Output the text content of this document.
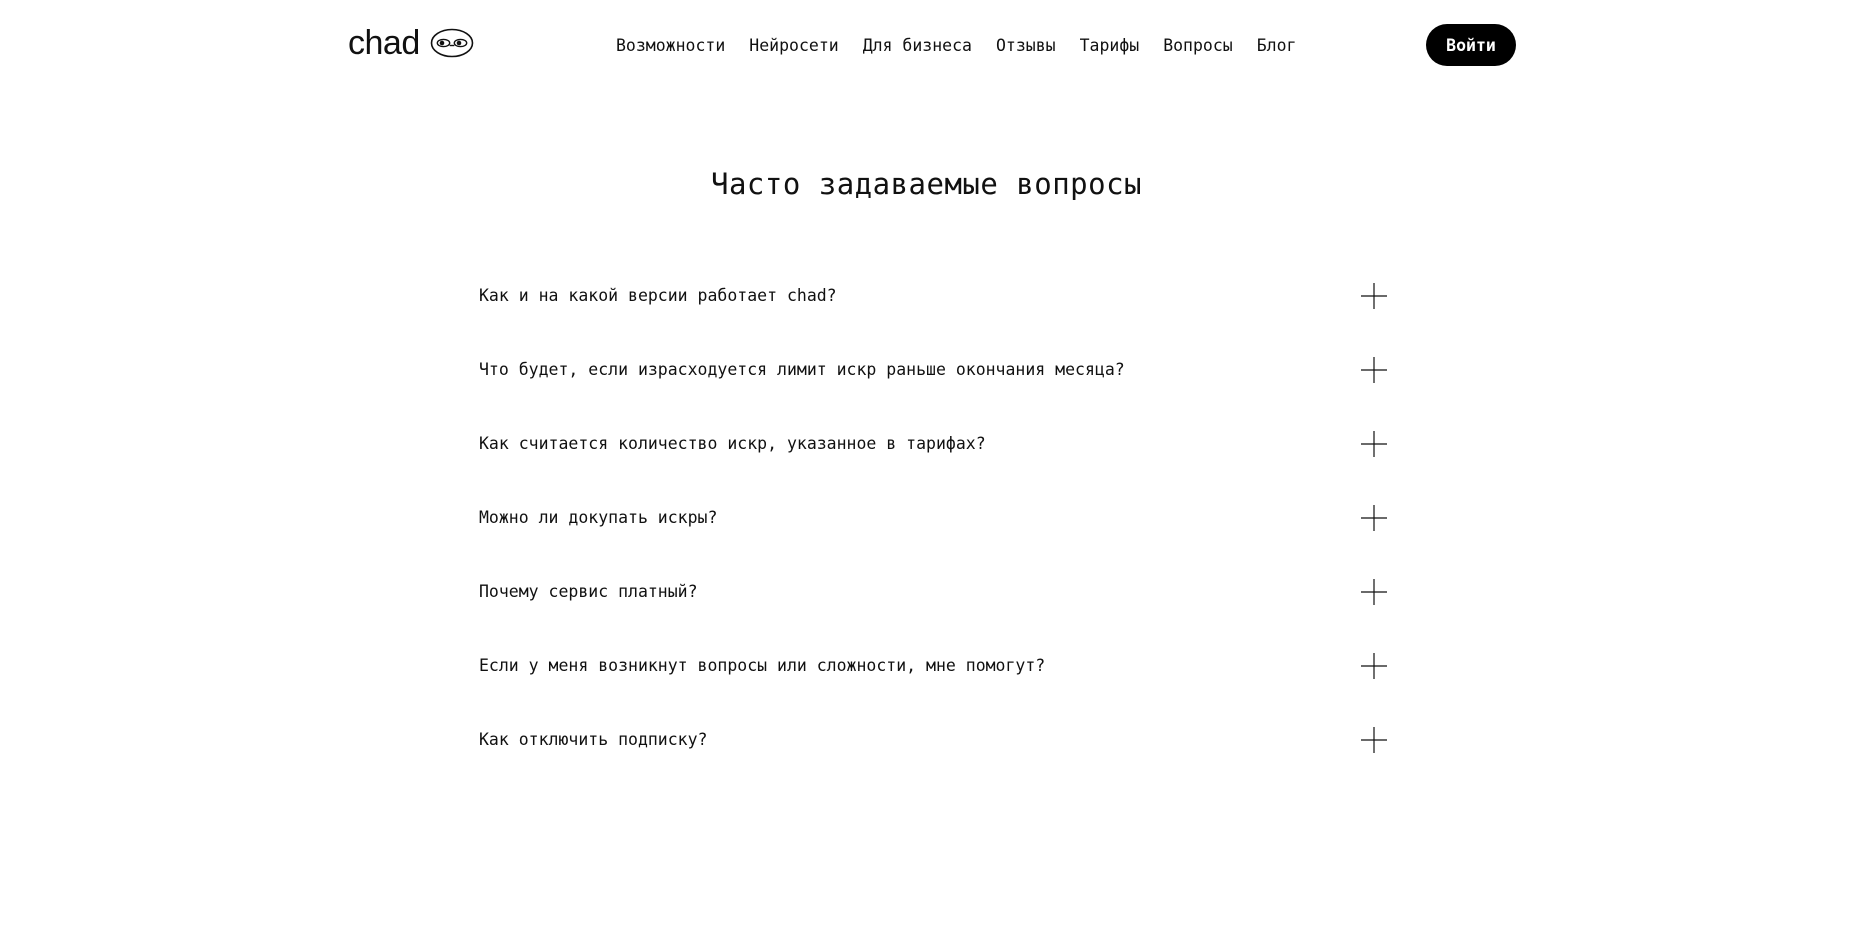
chad	Возможности Нейросети Для бизнеса Отзывы Тарифы Вопросы Блог	Войти
Часто задаваемые вопросы
Как и на какой версии работает chad?
Что будет, если израсходуется лимит искр раньше окончания месяца?
Как считается количество искр, указанное в тарифах?
Можно ли докупать искры?
Почему сервис платный?
Если у меня возникнут вопросы или сложности, мне помогут?
Как отключить подписку?
